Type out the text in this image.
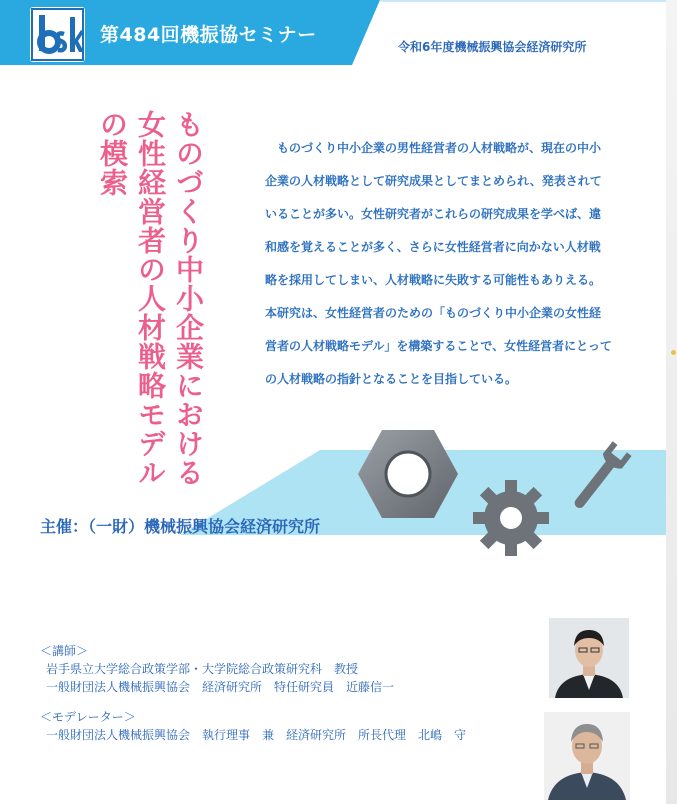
第484回機振協セミナー
令和6年度機械振興協会経済研究所
ものづくり中小企業における
女性経営者の人材戦略モデル
の模索	　ものづくり中小企業の男性経営者の人材戦略が、現在の中小

企業の人材戦略として研究成果としてまとめられ、発表されて

いることが多い。女性研究者がこれらの研究成果を学べば、違

和感を覚えることが多く、さらに女性経営者に向かない人材戦

略を採用してしまい、人材戦略に失敗する可能性もありえる。

本研究は、女性経営者のための「ものづくり中小企業の女性経

営者の人材戦略モデル」を構築することで、女性経営者にとって

の人材戦略の指針となることを目指している。

主催：（一財）機械振興協会経済研究所
＜講師＞
岩手県立大学総合政策学部・大学院総合政策研究科　教授
一般財団法人機械振興協会　経済研究所　特任研究員　近藤信一
＜モデレーター＞
一般財団法人機械振興協会　執行理事　兼　経済研究所　所長代理　北嶋　守
